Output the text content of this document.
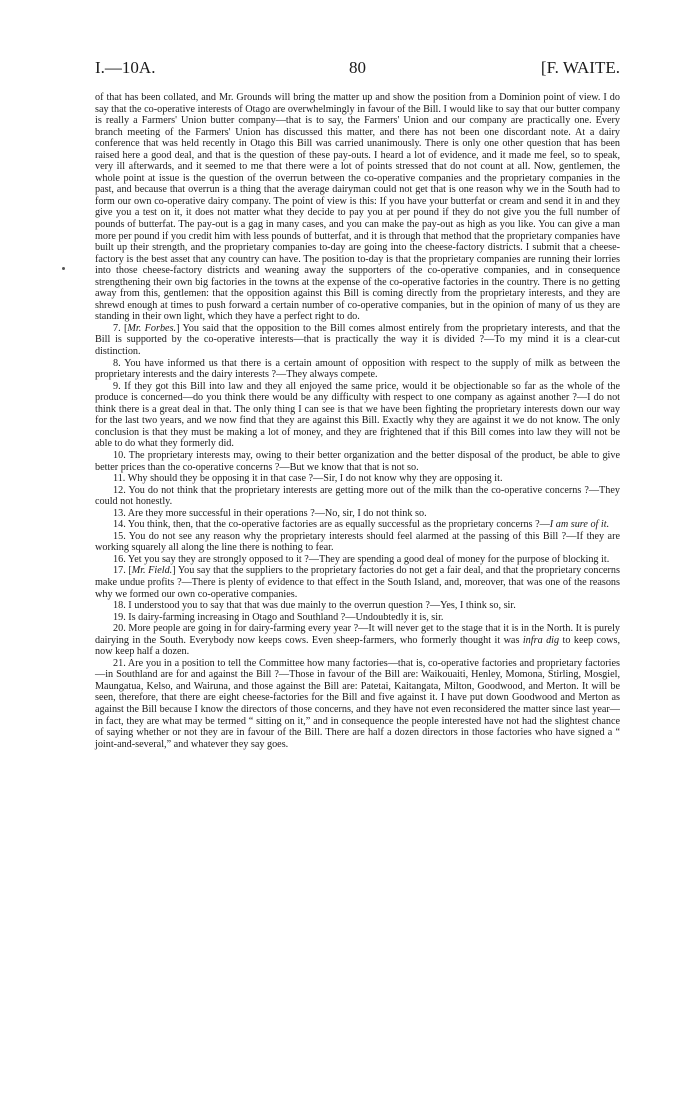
I.—10A.	80	[F. WAITE.

of that has been collated, and Mr. Grounds will bring the matter up and show the position from a Dominion point of view. I do say that the co-operative interests of Otago are overwhelmingly in favour of the Bill. I would like to say that our butter company is really a Farmers' Union butter company—that is to say, the Farmers' Union and our company are practically one. Every branch meeting of the Farmers' Union has discussed this matter, and there has not been one discordant note. At a dairy conference that was held recently in Otago this Bill was carried unanimously. There is only one other question that has been raised here a good deal, and that is the question of these pay-outs. I heard a lot of evidence, and it made me feel, so to speak, very ill afterwards, and it seemed to me that there were a lot of points stressed that do not count at all. Now, gentlemen, the whole point at issue is the question of the overrun between the co-operative companies and the proprietary companies in the past, and because that overrun is a thing that the average dairyman could not get that is one reason why we in the South had to form our own co-operative dairy company. The point of view is this: If you have your butterfat or cream and send it in and they give you a test on it, it does not matter what they decide to pay you at per pound if they do not give you the full number of pounds of butterfat. The pay-out is a gag in many cases, and you can make the pay-out as high as you like. You can give a man more per pound if you credit him with less pounds of butterfat, and it is through that method that the proprietary companies have built up their strength, and the proprietary companies to-day are going into the cheese-factory districts. I submit that a cheese-factory is the best asset that any country can have. The position to-day is that the proprietary companies are running their lorries into those cheese-factory districts and weaning away the supporters of the co-operative companies, and in consequence strengthening their own big factories in the towns at the expense of the co-operative factories in the country. There is no getting away from this, gentlemen: that the opposition against this Bill is coming directly from the proprietary interests, and they are shrewd enough at times to push forward a certain number of co-operative companies, but in the opinion of many of us they are standing in their own light, which they have a perfect right to do.

7. [Mr. Forbes.] You said that the opposition to the Bill comes almost entirely from the proprietary interests, and that the Bill is supported by the co-operative interests—that is practically the way it is divided ?—To my mind it is a clear-cut distinction.

8. You have informed us that there is a certain amount of opposition with respect to the supply of milk as between the proprietary interests and the dairy interests ?—They always compete.

9. If they got this Bill into law and they all enjoyed the same price, would it be objectionable so far as the whole of the produce is concerned—do you think there would be any difficulty with respect to one company as against another ?—I do not think there is a great deal in that. The only thing I can see is that we have been fighting the proprietary interests down our way for the last two years, and we now find that they are against this Bill. Exactly why they are against it we do not know. The only conclusion is that they must be making a lot of money, and they are frightened that if this Bill comes into law they will not be able to do what they formerly did.

10. The proprietary interests may, owing to their better organization and the better disposal of the product, be able to give better prices than the co-operative concerns ?—But we know that that is not so.

11. Why should they be opposing it in that case ?—Sir, I do not know why they are opposing it.

12. You do not think that the proprietary interests are getting more out of the milk than the co-operative concerns ?—They could not honestly.

13. Are they more successful in their operations ?—No, sir, I do not think so.

14. You think, then, that the co-operative factories are as equally successful as the proprietary concerns ?—I am sure of it.

15. You do not see any reason why the proprietary interests should feel alarmed at the passing of this Bill ?—If they are working squarely all along the line there is nothing to fear.

16. Yet you say they are strongly opposed to it ?—They are spending a good deal of money for the purpose of blocking it.

17. [Mr. Field.] You say that the suppliers to the proprietary factories do not get a fair deal, and that the proprietary concerns make undue profits ?—There is plenty of evidence to that effect in the South Island, and, moreover, that was one of the reasons why we formed our own co-operative companies.

18. I understood you to say that that was due mainly to the overrun question ?—Yes, I think so, sir.

19. Is dairy-farming increasing in Otago and Southland ?—Undoubtedly it is, sir.

20. More people are going in for dairy-farming every year ?—It will never get to the stage that it is in the North. It is purely dairying in the South. Everybody now keeps cows. Even sheep-farmers, who formerly thought it was infra dig to keep cows, now keep half a dozen.

21. Are you in a position to tell the Committee how many factories—that is, co-operative factories and proprietary factories—in Southland are for and against the Bill ?—Those in favour of the Bill are: Waikouaiti, Henley, Momona, Stirling, Mosgiel, Maungatua, Kelso, and Wairuna, and those against the Bill are: Patetai, Kaitangata, Milton, Goodwood, and Merton. It will be seen, therefore, that there are eight cheese-factories for the Bill and five against it. I have put down Goodwood and Merton as against the Bill because I know the directors of those concerns, and they have not even reconsidered the matter since last year—in fact, they are what may be termed “ sitting on it,” and in consequence the people interested have not had the slightest chance of saying whether or not they are in favour of the Bill. There are half a dozen directors in those factories who have signed a “ joint-and-several,” and whatever they say goes.
